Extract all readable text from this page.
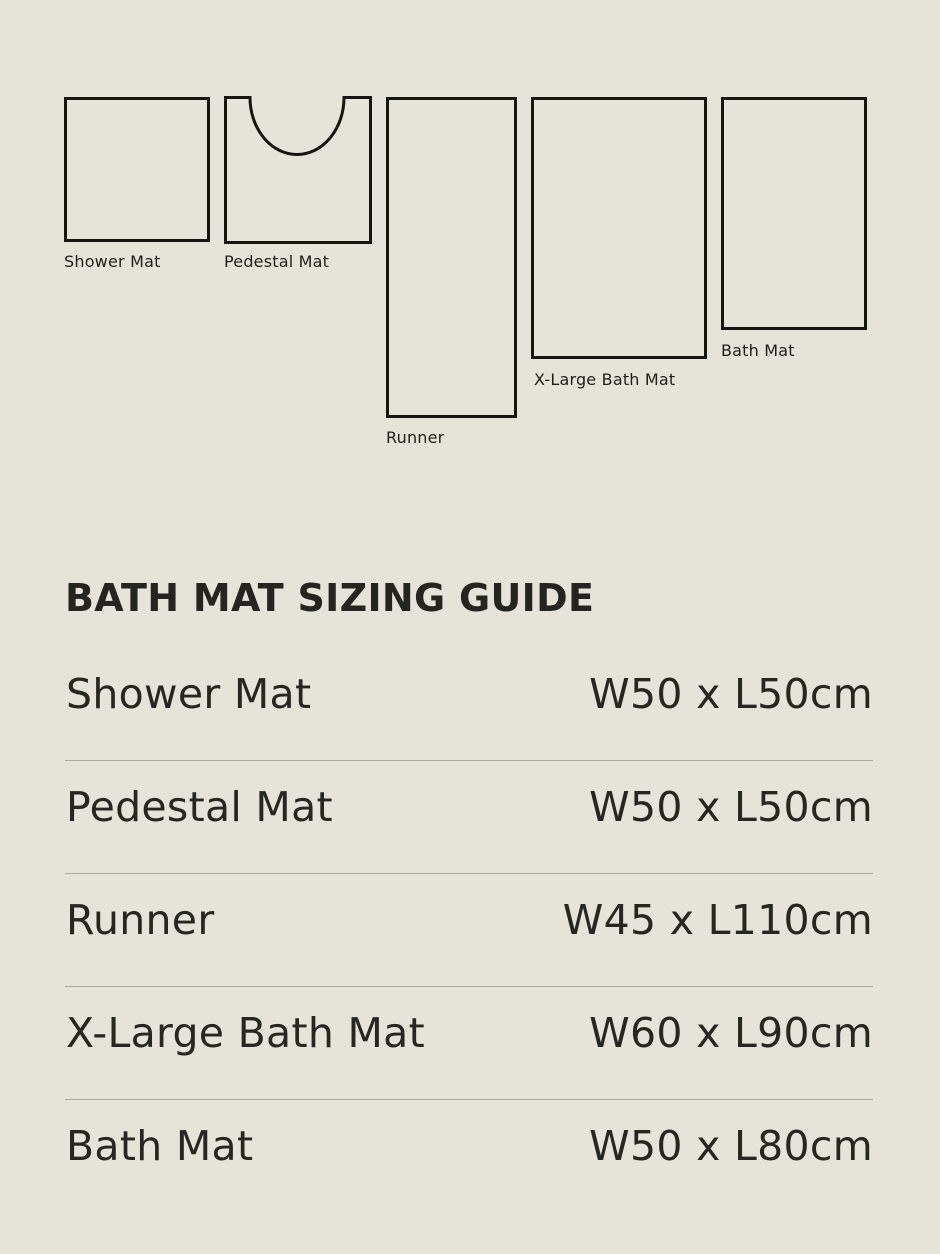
Shower Mat	Pedestal Mat
Runner
X-Large Bath Mat
Bath Mat
BATH MAT SIZING GUIDE
Shower Mat	W50 x L50cm
Pedestal Mat	W50 x L50cm
Runner	W45 x L110cm
X-Large Bath Mat	W60 x L90cm
Bath Mat	W50 x L80cm
